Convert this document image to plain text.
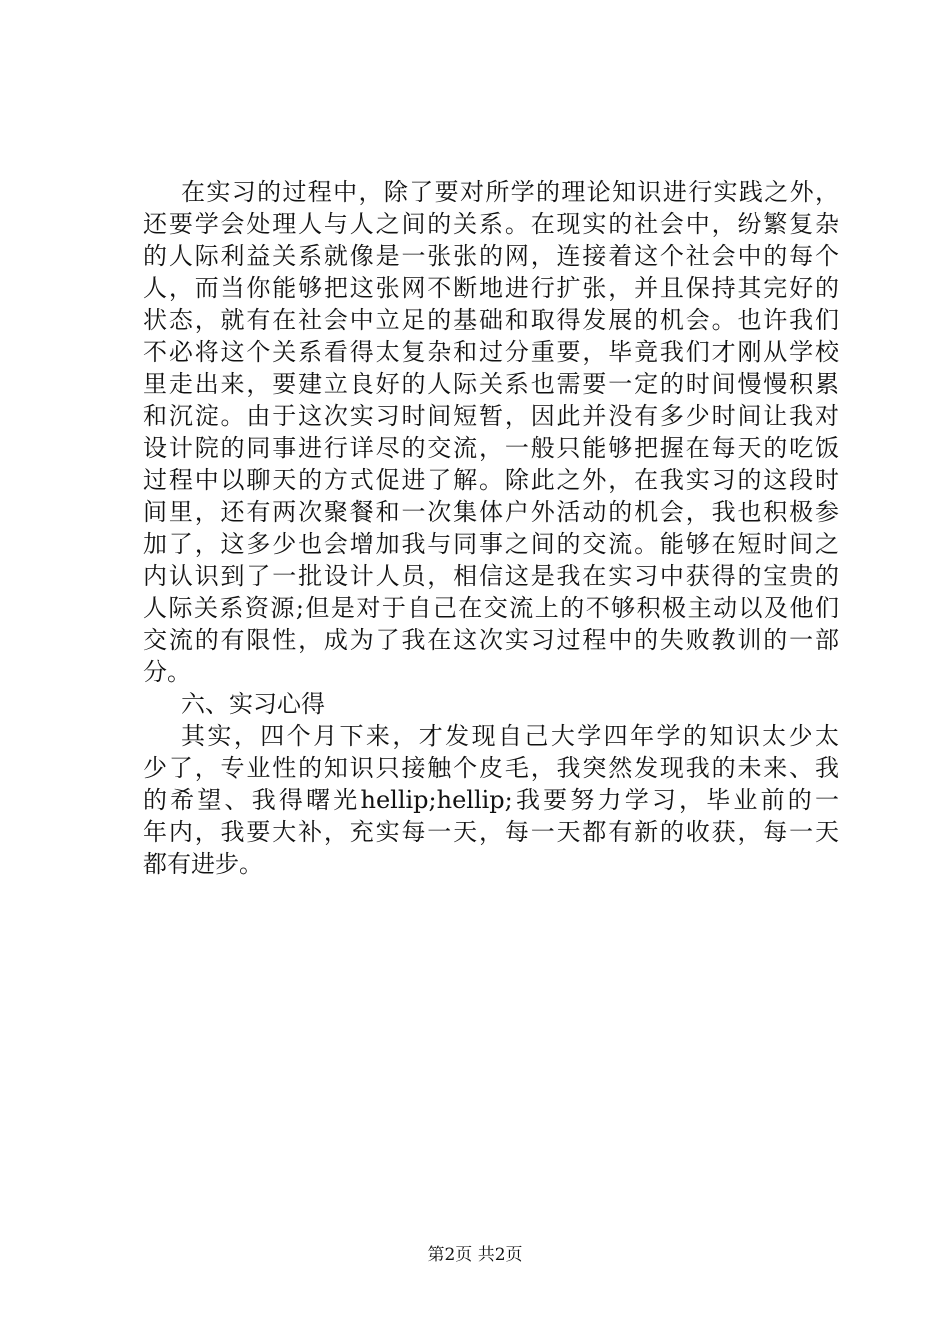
在实习的过程中，除了要对所学的理论知识进行实践之外，
还要学会处理人与人之间的关系。在现实的社会中，纷繁复杂
的人际利益关系就像是一张张的网，连接着这个社会中的每个
人，而当你能够把这张网不断地进行扩张，并且保持其完好的
状态，就有在社会中立足的基础和取得发展的机会。也许我们
不必将这个关系看得太复杂和过分重要，毕竟我们才刚从学校
里走出来，要建立良好的人际关系也需要一定的时间慢慢积累
和沉淀。由于这次实习时间短暂，因此并没有多少时间让我对
设计院的同事进行详尽的交流，一般只能够把握在每天的吃饭
过程中以聊天的方式促进了解。除此之外，在我实习的这段时
间里，还有两次聚餐和一次集体户外活动的机会，我也积极参
加了，这多少也会增加我与同事之间的交流。能够在短时间之
内认识到了一批设计人员，相信这是我在实习中获得的宝贵的
人际关系资源;但是对于自己在交流上的不够积极主动以及他们
交流的有限性，成为了我在这次实习过程中的失败教训的一部
分。
六、实习心得
其实，四个月下来，才发现自己大学四年学的知识太少太
少了，专业性的知识只接触个皮毛，我突然发现我的未来、我
的希望、我得曙光hellip;hellip;我要努力学习，毕业前的一
年内，我要大补，充实每一天，每一天都有新的收获，每一天
都有进步。
第2页 共2页
